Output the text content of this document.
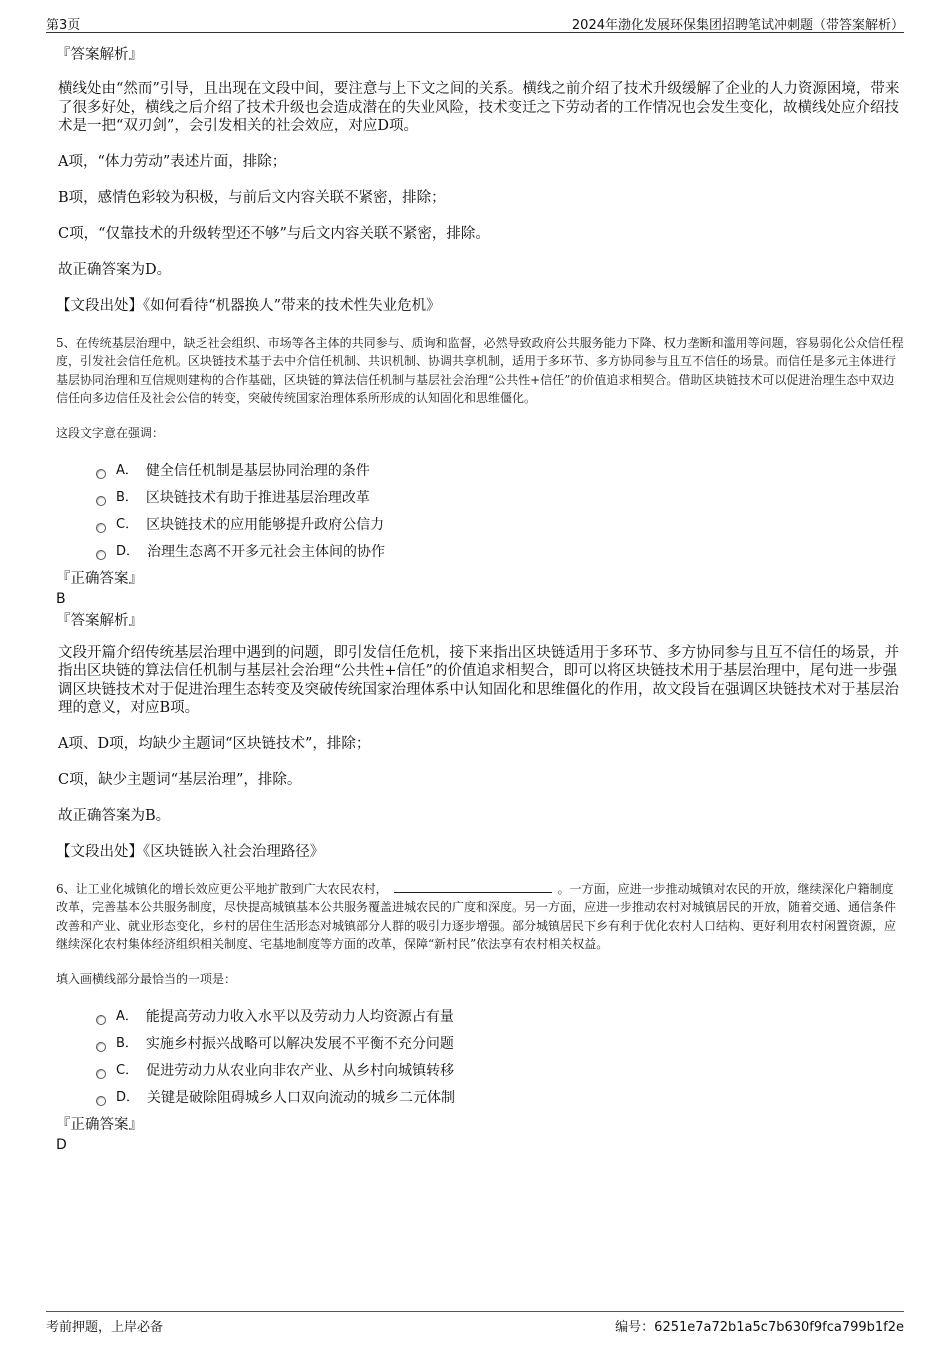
第3页	2024年渤化发展环保集团招聘笔试冲刺题（带答案解析）
『答案解析』
横线处由“然而”引导，且出现在文段中间，要注意与上下文之间的关系。横线之前介绍了技术升级缓解了企业的人力资源困境，带来了很多好处，横线之后介绍了技术升级也会造成潜在的失业风险，技术变迁之下劳动者的工作情况也会发生变化，故横线处应介绍技术是一把“双刃剑”，会引发相关的社会效应，对应D项。
A项，“体力劳动”表述片面，排除；
B项，感情色彩较为积极，与前后文内容关联不紧密，排除；
C项，“仅靠技术的升级转型还不够”与后文内容关联不紧密，排除。
故正确答案为D。
【文段出处】《如何看待“机器换人”带来的技术性失业危机》
5、在传统基层治理中，缺乏社会组织、市场等各主体的共同参与、质询和监督，必然导致政府公共服务能力下降、权力垄断和滥用等问题，容易弱化公众信任程度，引发社会信任危机。区块链技术基于去中介信任机制、共识机制、协调共享机制，适用于多环节、多方协同参与且互不信任的场景。而信任是多元主体进行基层协同治理和互信规则建构的合作基础，区块链的算法信任机制与基层社会治理“公共性+信任”的价值追求相契合。借助区块链技术可以促进治理生态中双边信任向多边信任及社会公信的转变，突破传统国家治理体系所形成的认知固化和思维僵化。
这段文字意在强调：
A． 健全信任机制是基层协同治理的条件
B． 区块链技术有助于推进基层治理改革
C． 区块链技术的应用能够提升政府公信力
D． 治理生态离不开多元社会主体间的协作
『正确答案』
B
『答案解析』
文段开篇介绍传统基层治理中遇到的问题，即引发信任危机，接下来指出区块链适用于多环节、多方协同参与且互不信任的场景，并指出区块链的算法信任机制与基层社会治理“公共性+信任”的价值追求相契合，即可以将区块链技术用于基层治理中，尾句进一步强调区块链技术对于促进治理生态转变及突破传统国家治理体系中认知固化和思维僵化的作用，故文段旨在强调区块链技术对于基层治理的意义，对应B项。
A项、D项，均缺少主题词“区块链技术”，排除；
C项，缺少主题词“基层治理”，排除。
故正确答案为B。
【文段出处】《区块链嵌入社会治理路径》
6、让工业化城镇化的增长效应更公平地扩散到广大农民农村，	。一方面，应进一步推动城镇对农民的开放，继续深化户籍制度改革，完善基本公共服务制度，尽快提高城镇基本公共服务覆盖进城农民的广度和深度。另一方面，应进一步推动农村对城镇居民的开放，随着交通、通信条件改善和产业、就业形态变化，乡村的居住生活形态对城镇部分人群的吸引力逐步增强。部分城镇居民下乡有利于优化农村人口结构、更好利用农村闲置资源，应继续深化农村集体经济组织相关制度、宅基地制度等方面的改革，保障“新村民”依法享有农村相关权益。
填入画横线部分最恰当的一项是：
A． 能提高劳动力收入水平以及劳动力人均资源占有量
B． 实施乡村振兴战略可以解决发展不平衡不充分问题
C． 促进劳动力从农业向非农产业、从乡村向城镇转移
D． 关键是破除阻碍城乡人口双向流动的城乡二元体制
『正确答案』
D
考前押题，上岸必备	编号：6251e7a72b1a5c7b630f9fca799b1f2e
